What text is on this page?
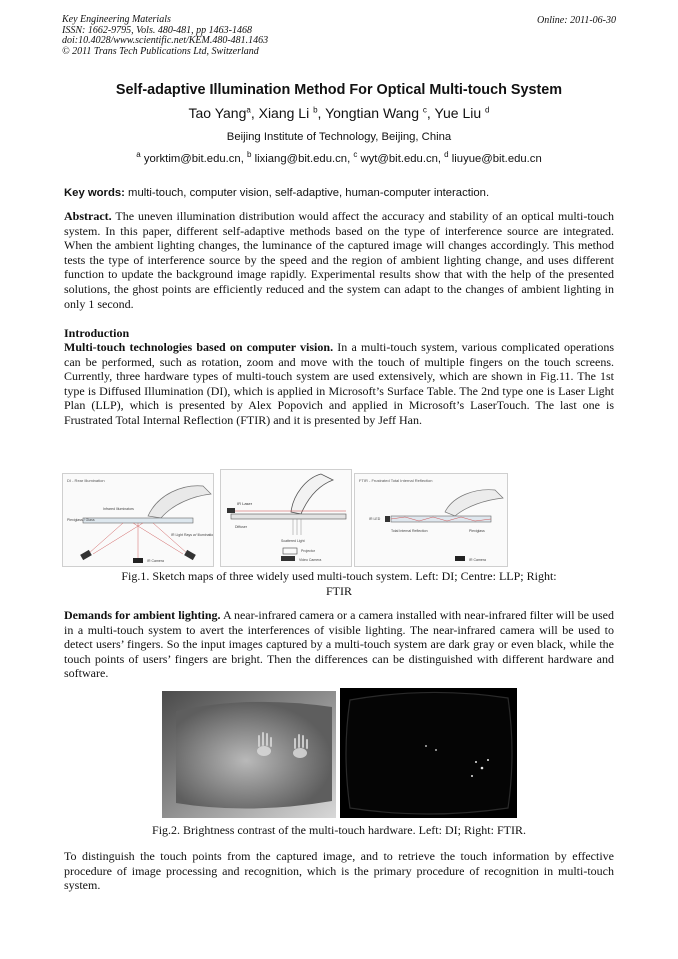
Key Engineering Materials
ISSN: 1662-9795, Vols. 480-481, pp 1463-1468
doi:10.4028/www.scientific.net/KEM.480-481.1463
© 2011 Trans Tech Publications Ltd, Switzerland
Online: 2011-06-30
Self-adaptive Illumination Method For Optical Multi-touch System
Tao Yang$^a$, Xiang Li $^b$, Yongtian Wang $^c$, Yue Liu $^d$
Beijing Institute of Technology, Beijing, China
$^a$ yorktim@bit.edu.cn, $^b$ lixiang@bit.edu.cn, $^c$ wyt@bit.edu.cn, $^d$ liuyue@bit.edu.cn
Key words: multi-touch, computer vision, self-adaptive, human-computer interaction.
Abstract. The uneven illumination distribution would affect the accuracy and stability of an optical multi-touch system. In this paper, different self-adaptive methods based on the type of interference source are integrated. When the ambient lighting changes, the luminance of the captured image will changes accordingly. This method tests the type of interference source by the speed and the region of ambient lighting change, and uses different function to update the background image rapidly. Experimental results show that with the help of the presented solutions, the ghost points are efficiently reduced and the system can adapt to the changes of ambient lighting in only 1 second.
Introduction
Multi-touch technologies based on computer vision. In a multi-touch system, various complicated operations can be performed, such as rotation, zoom and move with the touch of multiple fingers on the touch screens. Currently, three hardware types of multi-touch system are used extensively, which are shown in Fig.11. The 1st type is Diffused Illumination (DI), which is applied in Microsoft’s Surface Table. The 2nd type one is Laser Light Plan (LLP), which is presented by Alex Popovich and applied in Microsoft’s LaserTouch. The last one is Frustrated Total Internal Reflection (FTIR) and it is presented by Jeff Han.
DI - Rear Illumination
Infrared Illuminators
Plexiglass / Glass
IR Light Rays w/ Illumination
IR Camera
IR Laser
Scattered Light
Diffuser
Projector
Video Camera
FTIR - Frustrated Total Internal Reflection
Total Internal Reflection
IR LED
Plexiglass
IR Camera
Fig.1. Sketch maps of three widely used multi-touch system. Left: DI; Centre: LLP; Right:
FTIR
Demands for ambient lighting. A near-infrared camera or a camera installed with near-infrared filter will be used in a multi-touch system to avert the interferences of visible lighting. The near-infrared camera will be used to detect users’ fingers. So the input images captured by a multi-touch system are dark gray or even black, while the touch points of users’ fingers are bright. Then the differences can be distinguished with different hardware and software.
Fig.2. Brightness contrast of the multi-touch hardware. Left: DI; Right: FTIR.
To distinguish the touch points from the captured image, and to retrieve the touch information by effective procedure of image processing and recognition, which is the primary procedure of recognition in multi-touch system.
